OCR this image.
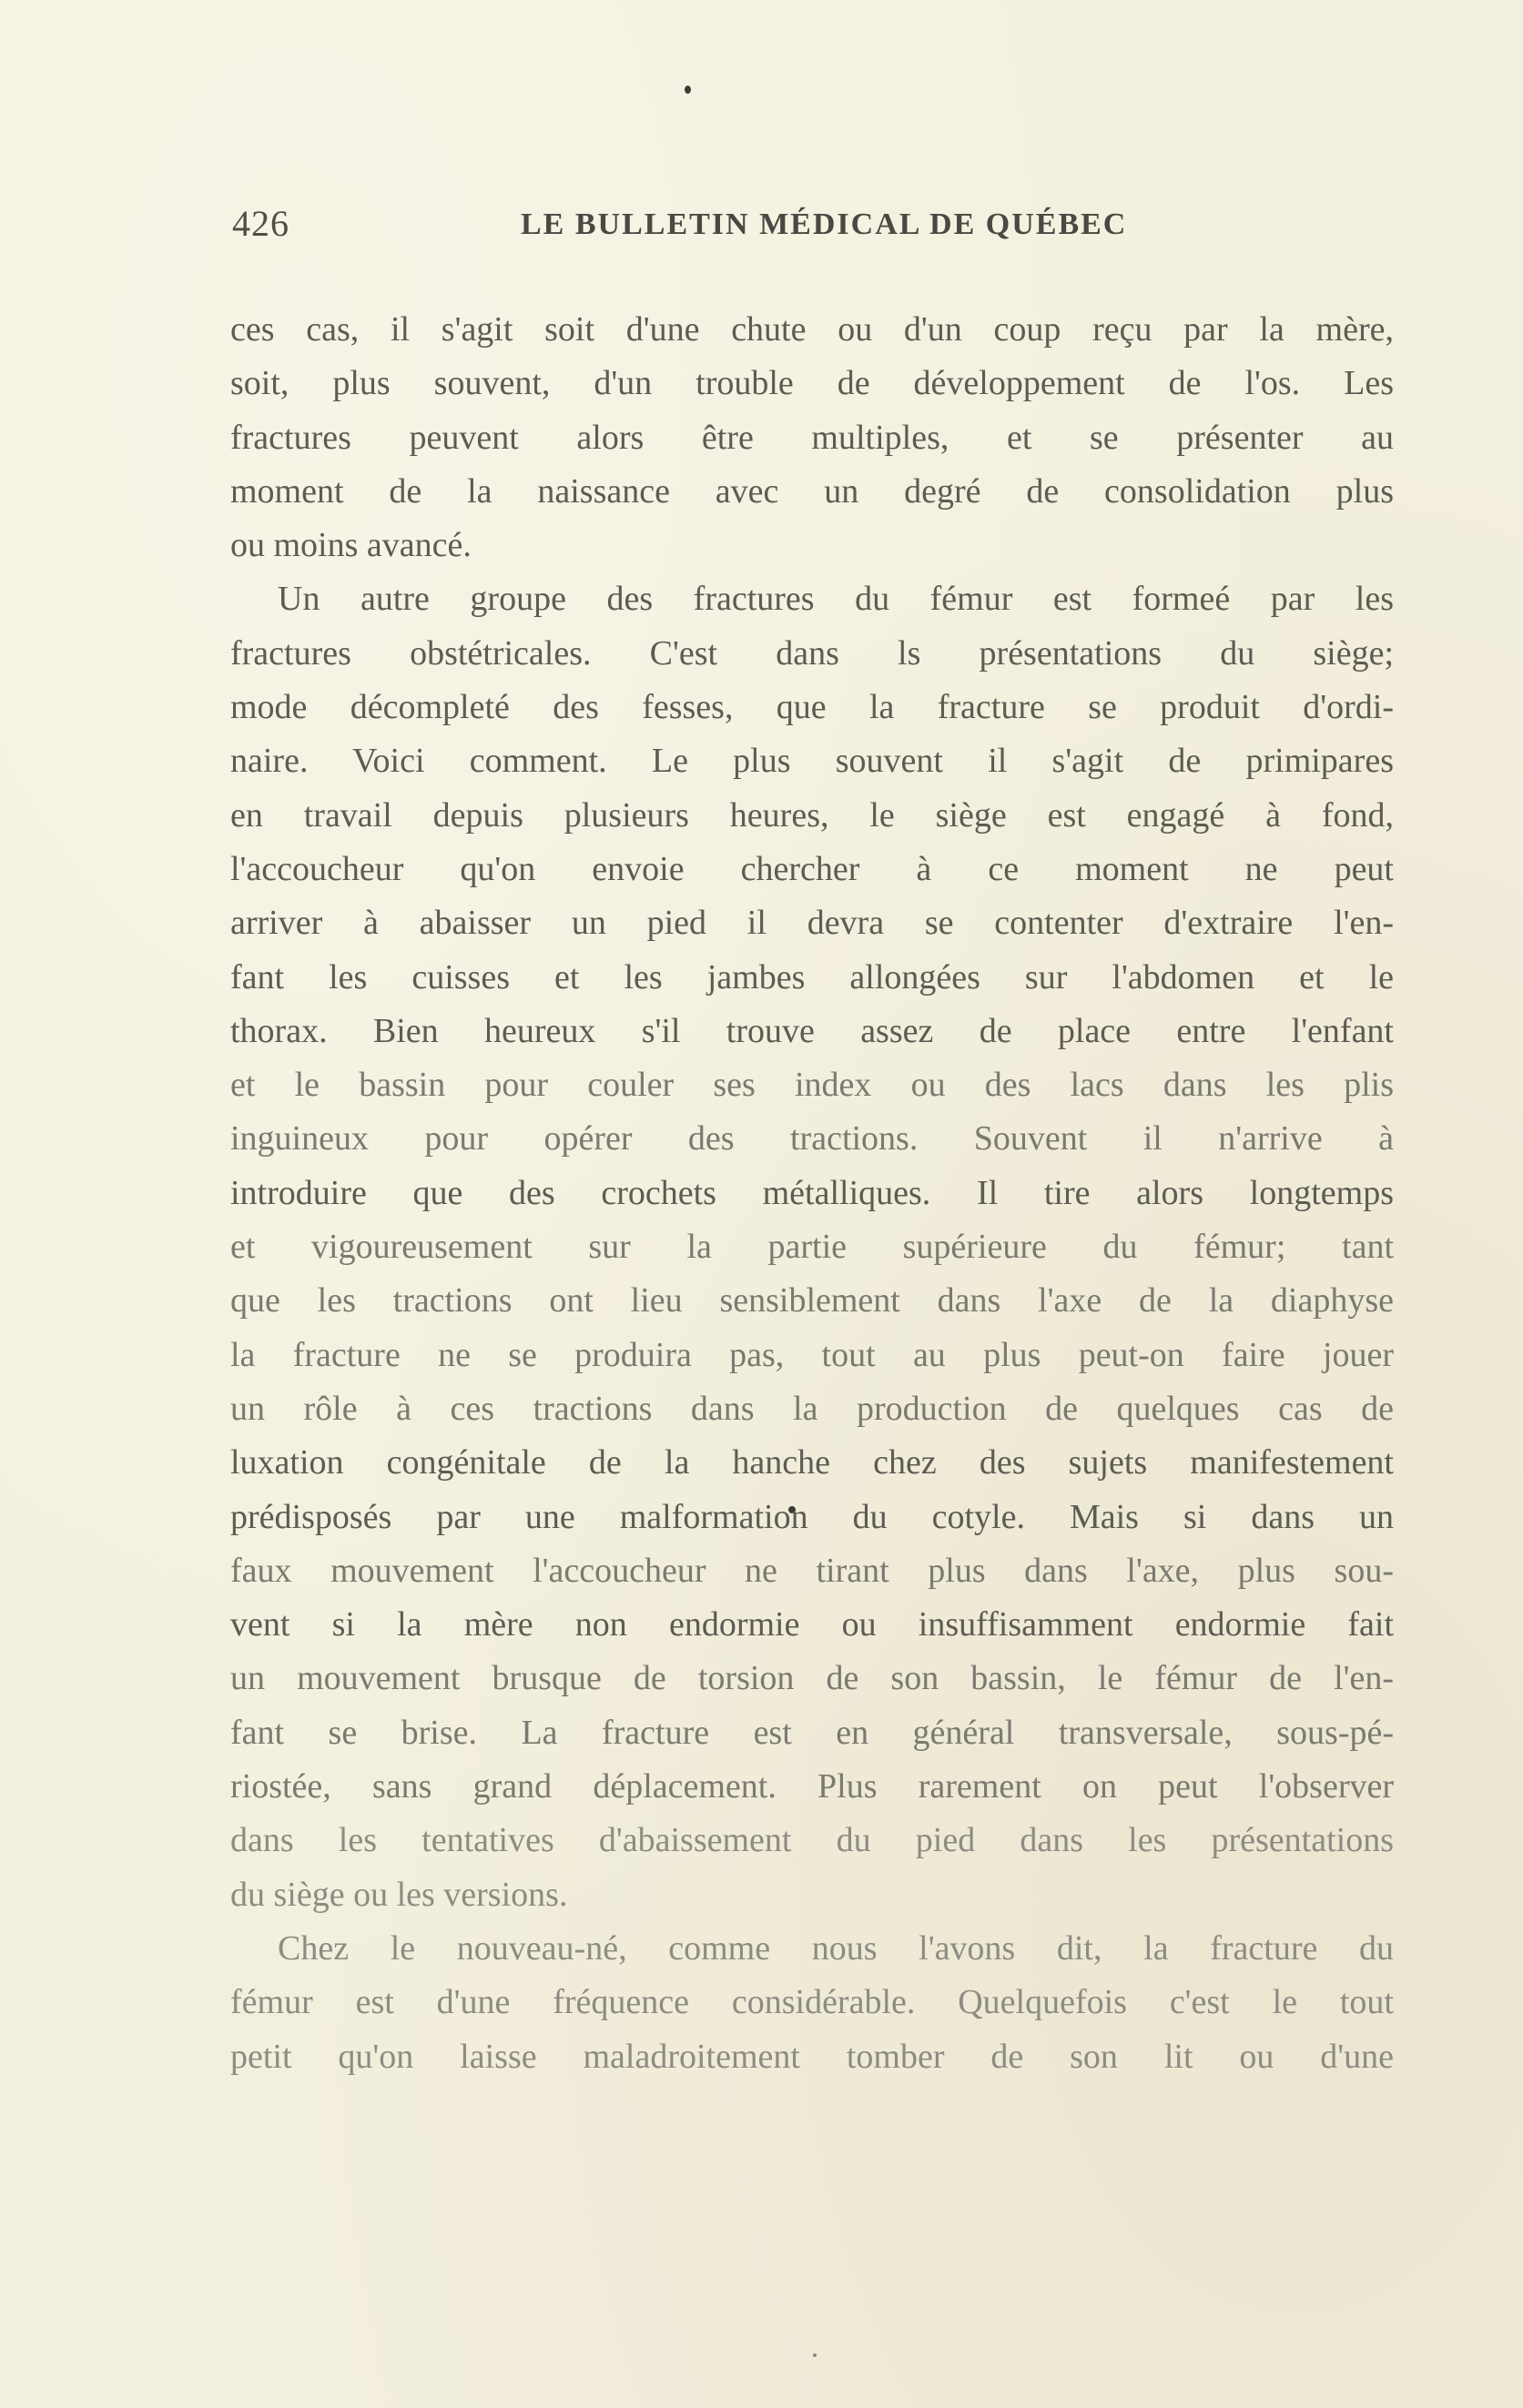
426	LE BULLETIN MÉDICAL DE QUÉBEC
ces cas, il s'agit soit d'une chute ou d'un coup reçu par la mère,
soit, plus souvent, d'un trouble de développement de l'os. Les
fractures peuvent alors être multiples, et se présenter au
moment de la naissance avec un degré de consolidation plus
ou moins avancé.
Un autre groupe des fractures du fémur est formeé par les
fractures obstétricales. C'est dans ls présentations du siège;
mode décompleté des fesses, que la fracture se produit d'ordi-
naire. Voici comment. Le plus souvent il s'agit de primipares
en travail depuis plusieurs heures, le siège est engagé à fond,
l'accoucheur qu'on envoie chercher à ce moment ne peut
arriver à abaisser un pied il devra se contenter d'extraire l'en-
fant les cuisses et les jambes allongées sur l'abdomen et le
thorax. Bien heureux s'il trouve assez de place entre l'enfant
et le bassin pour couler ses index ou des lacs dans les plis
inguineux pour opérer des tractions. Souvent il n'arrive à
introduire que des crochets métalliques. Il tire alors longtemps
et vigoureusement sur la partie supérieure du fémur; tant
que les tractions ont lieu sensiblement dans l'axe de la diaphyse
la fracture ne se produira pas, tout au plus peut-on faire jouer
un rôle à ces tractions dans la production de quelques cas de
luxation congénitale de la hanche chez des sujets manifestement
prédisposés par une malformation du cotyle. Mais si dans un
faux mouvement l'accoucheur ne tirant plus dans l'axe, plus sou-
vent si la mère non endormie ou insuffisamment endormie fait
un mouvement brusque de torsion de son bassin, le fémur de l'en-
fant se brise. La fracture est en général transversale, sous-pé-
riostée, sans grand déplacement. Plus rarement on peut l'observer
dans les tentatives d'abaissement du pied dans les présentations
du siège ou les versions.
Chez le nouveau-né, comme nous l'avons dit, la fracture du
fémur est d'une fréquence considérable. Quelquefois c'est le tout
petit qu'on laisse maladroitement tomber de son lit ou d'une
